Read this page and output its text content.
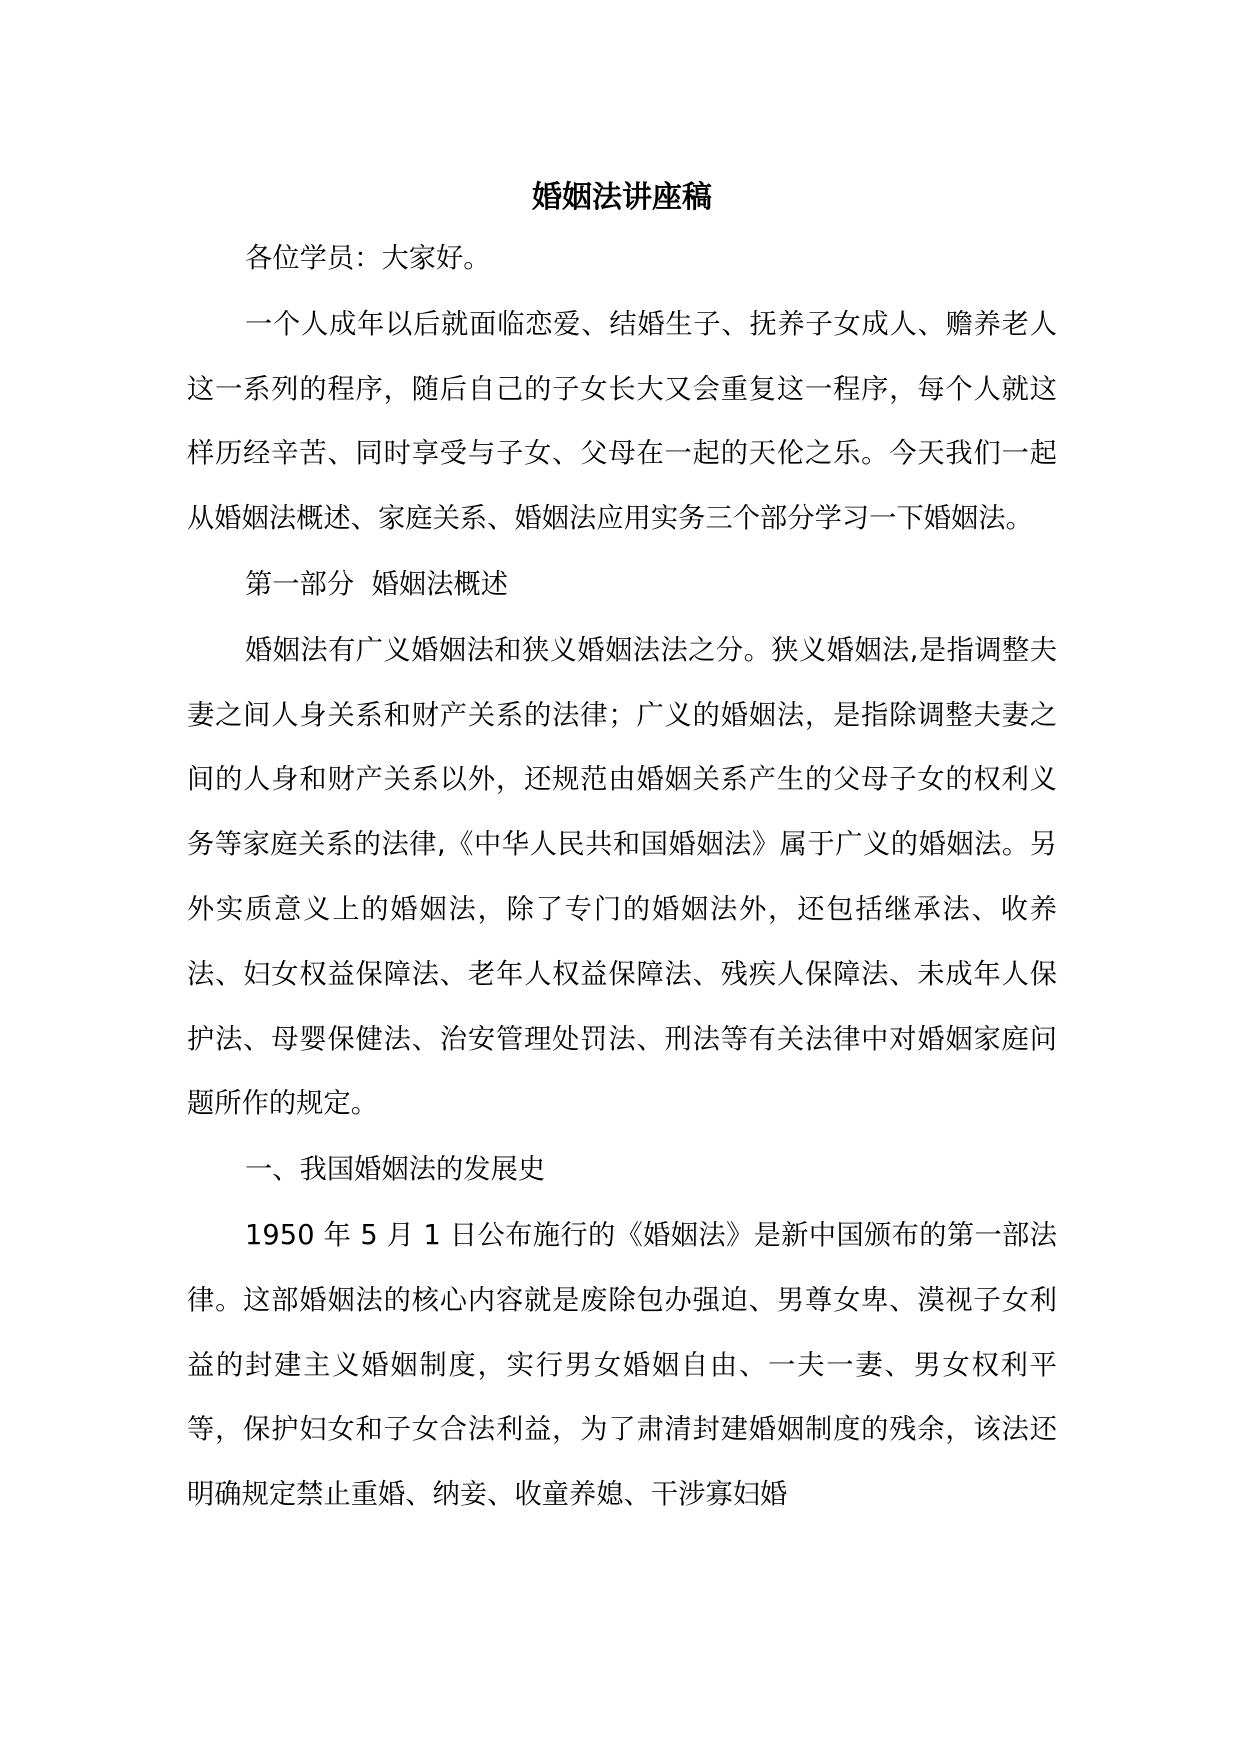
婚姻法讲座稿

各位学员：大家好。

一个人成年以后就面临恋爱、结婚生子、抚养子女成人、赡养老人这一系列的程序，随后自己的子女长大又会重复这一程序，每个人就这样历经辛苦、同时享受与子女、父母在一起的天伦之乐。今天我们一起从婚姻法概述、家庭关系、婚姻法应用实务三个部分学习一下婚姻法。

第一部分  婚姻法概述

婚姻法有广义婚姻法和狭义婚姻法法之分。狭义婚姻法,是指调整夫妻之间人身关系和财产关系的法律；广义的婚姻法，是指除调整夫妻之间的人身和财产关系以外，还规范由婚姻关系产生的父母子女的权利义务等家庭关系的法律,《中华人民共和国婚姻法》属于广义的婚姻法。另外实质意义上的婚姻法，除了专门的婚姻法外，还包括继承法、收养法、妇女权益保障法、老年人权益保障法、残疾人保障法、未成年人保护法、母婴保健法、治安管理处罚法、刑法等有关法律中对婚姻家庭问题所作的规定。

一、我国婚姻法的发展史

1950 年 5 月 1 日公布施行的《婚姻法》是新中国颁布的第一部法律。这部婚姻法的核心内容就是废除包办强迫、男尊女卑、漠视子女利益的封建主义婚姻制度，实行男女婚姻自由、一夫一妻、男女权利平等，保护妇女和子女合法利益，为了肃清封建婚姻制度的残余，该法还明确规定禁止重婚、纳妾、收童养媳、干涉寡妇婚
